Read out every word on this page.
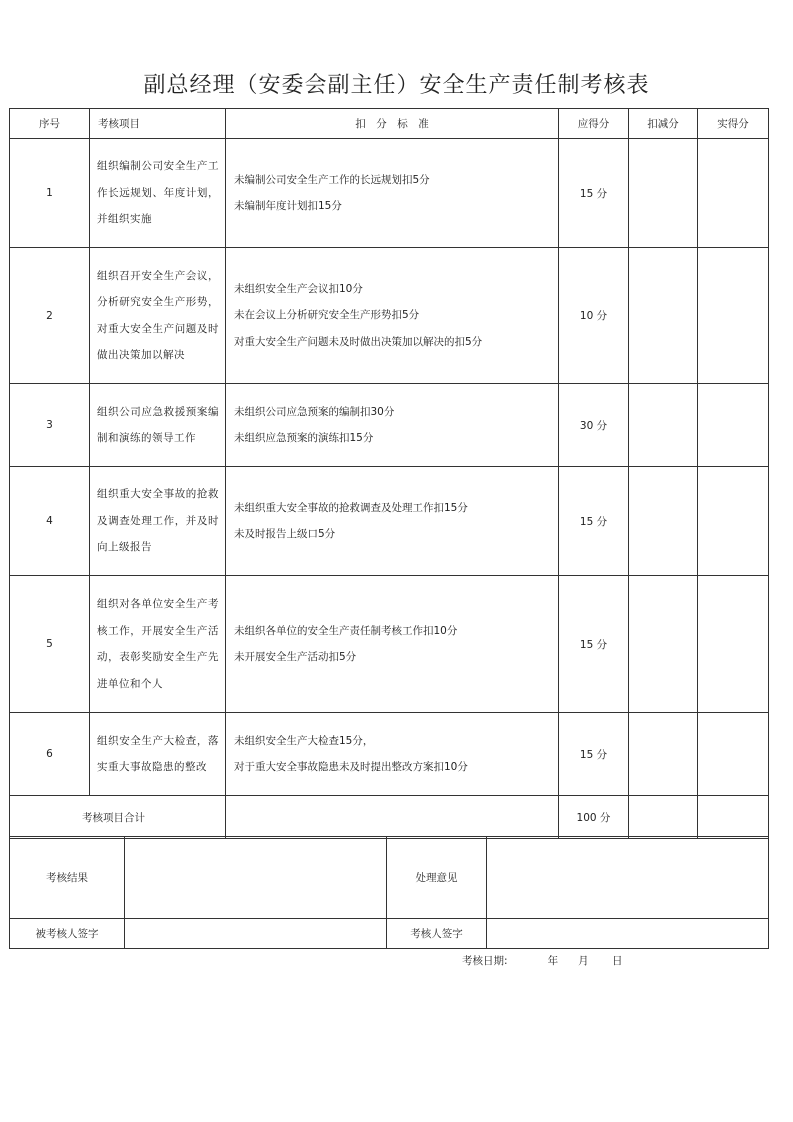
副总经理（安委会副主任）安全生产责任制考核表
序号	考核项目	扣　分　标　准	应得分	扣减分	实得分
1	组织编制公司安全生产工作长远规划、年度计划，并组织实施	未编制公司安全生产工作的长远规划扣5分
未编制年度计划扣15分	15 分		
2	组织召开安全生产会议，分析研究安全生产形势，对重大安全生产问题及时做出决策加以解决	未组织安全生产会议扣10分
未在会议上分析研究安全生产形势扣5分
对重大安全生产问题未及时做出决策加以解决的扣5分	10 分		
3	组织公司应急救援预案编制和演练的领导工作	未组织公司应急预案的编制扣30分
未组织应急预案的演练扣15分	30 分		
4	组织重大安全事故的抢救及调查处理工作，并及时向上级报告	未组织重大安全事故的抢救调查及处理工作扣15分
未及时报告上级口5分	15 分		
5	组织对各单位安全生产考核工作，开展安全生产活动，表彰奖励安全生产先进单位和个人	未组织各单位的安全生产责任制考核工作扣10分
未开展安全生产活动扣5分	15 分		
6	组织安全生产大检查，落实重大事故隐患的整改	未组织安全生产大检查15分，
对于重大安全事故隐患未及时提出整改方案扣10分	15 分		
考核项目合计			100 分		
考核结果		处理意见	
被考核人签字		考核人签字	
考核日期:            年      月       日
